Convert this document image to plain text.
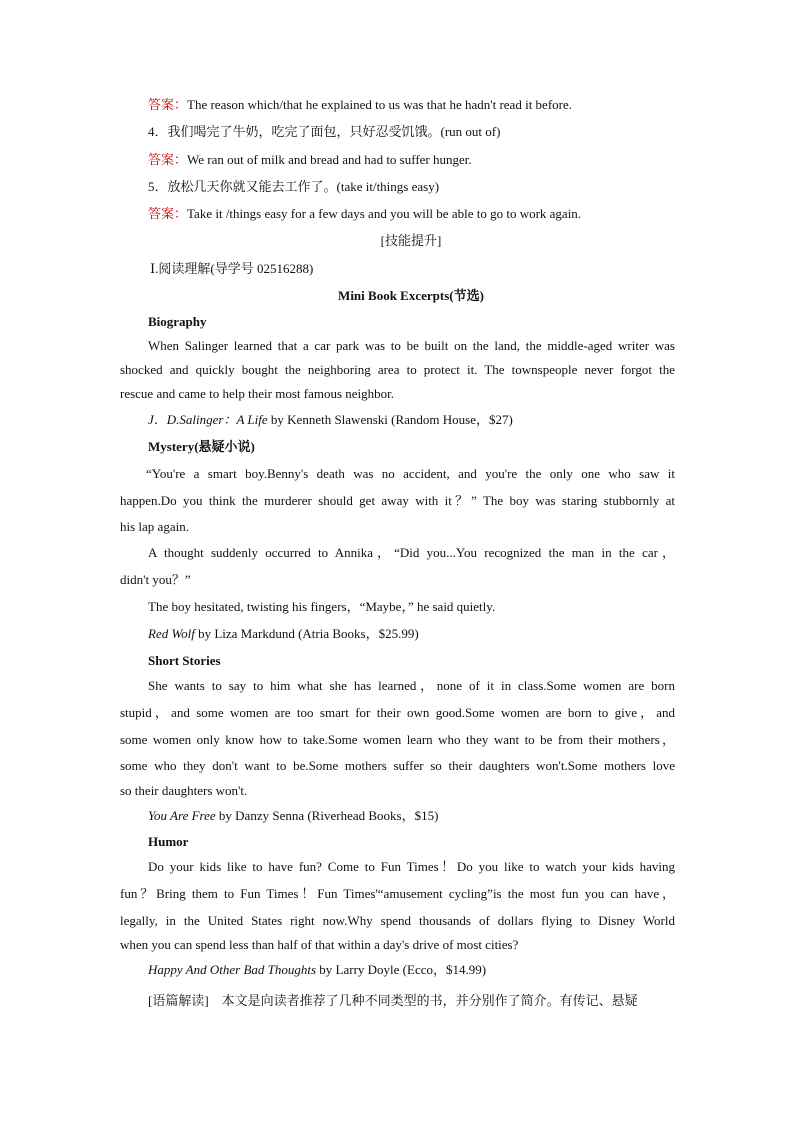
答案：The reason which/that he explained to us was that he hadn't read it before.
4．我们喝完了牛奶，吃完了面包，只好忍受饥饿。(run out of)
答案：We ran out of milk and bread and had to suffer hunger.
5．放松几天你就又能去工作了。(take it/things easy)
答案：Take it /things easy for a few days and you will be able to go to work again.
[技能提升]
Ⅰ.阅读理解(导学号 02516288)
Mini Book Excerpts(节选)
Biography
When Salinger learned that a car park was to be built on the land, the middle-aged writer was
shocked and quickly bought the neighboring area to protect it. The townspeople never forgot the
rescue and came to help their most famous neighbor.
J．D.Salinger：A Life by Kenneth Slawenski (Random House，$27)
Mystery(悬疑小说)
“You're a smart boy.Benny's death was no accident, and you're the only one who saw it
happen.Do you think the murderer should get away with it？” The boy was staring stubbornly at
his lap again.
A thought suddenly occurred to Annika，“Did you...You recognized the man in the car，
didn't you？”
The boy hesitated, twisting his fingers，“Maybe，” he said quietly.
Red Wolf by Liza Markdund (Atria Books，$25.99)
Short Stories
She wants to say to him what she has learned，none of it in class.Some women are born
stupid，and some women are too smart for their own good.Some women are born to give，and
some women only know how to take.Some women learn who they want to be from their mothers，
some who they don't want to be.Some mothers suffer so their daughters won't.Some mothers love
so their daughters won't.
You Are Free by Danzy Senna (Riverhead Books，$15)
Humor
Do your kids like to have fun? Come to Fun Times！Do you like to watch your kids having
fun？Bring them to Fun Times！Fun Times'“amusement cycling”is the most fun you can have，
legally, in the United States right now.Why spend thousands of dollars flying to Disney World
when you can spend less than half of that within a day's drive of most cities?
Happy And Other Bad Thoughts by Larry Doyle (Ecco，$14.99)
[语篇解读]　本文是向读者推荐了几种不同类型的书，并分别作了简介。有传记、悬疑
